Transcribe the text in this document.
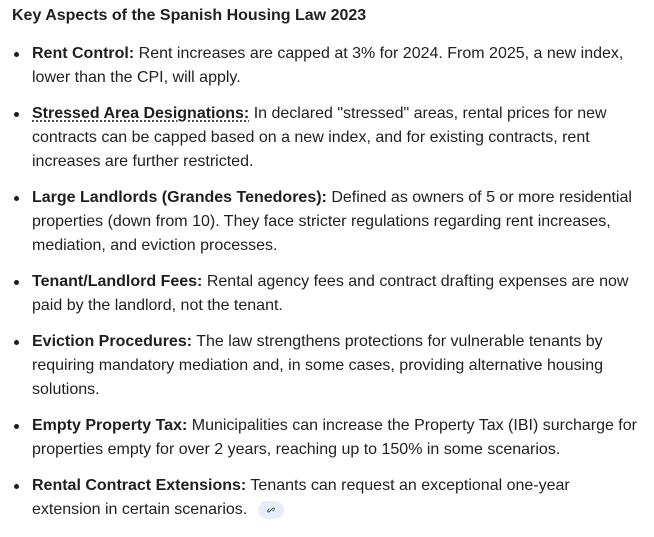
Key Aspects of the Spanish Housing Law 2023
Rent Control: Rent increases are capped at 3% for 2024. From 2025, a new index, lower than the CPI, will apply.
Stressed Area Designations: In declared "stressed" areas, rental prices for new contracts can be capped based on a new index, and for existing contracts, rent increases are further restricted.
Large Landlords (Grandes Tenedores): Defined as owners of 5 or more residential properties (down from 10). They face stricter regulations regarding rent increases, mediation, and eviction processes.
Tenant/Landlord Fees: Rental agency fees and contract drafting expenses are now paid by the landlord, not the tenant.
Eviction Procedures: The law strengthens protections for vulnerable tenants by requiring mandatory mediation and, in some cases, providing alternative housing solutions.
Empty Property Tax: Municipalities can increase the Property Tax (IBI) surcharge for properties empty for over 2 years, reaching up to 150% in some scenarios.
Rental Contract Extensions: Tenants can request an exceptional one-year extension in certain scenarios.
